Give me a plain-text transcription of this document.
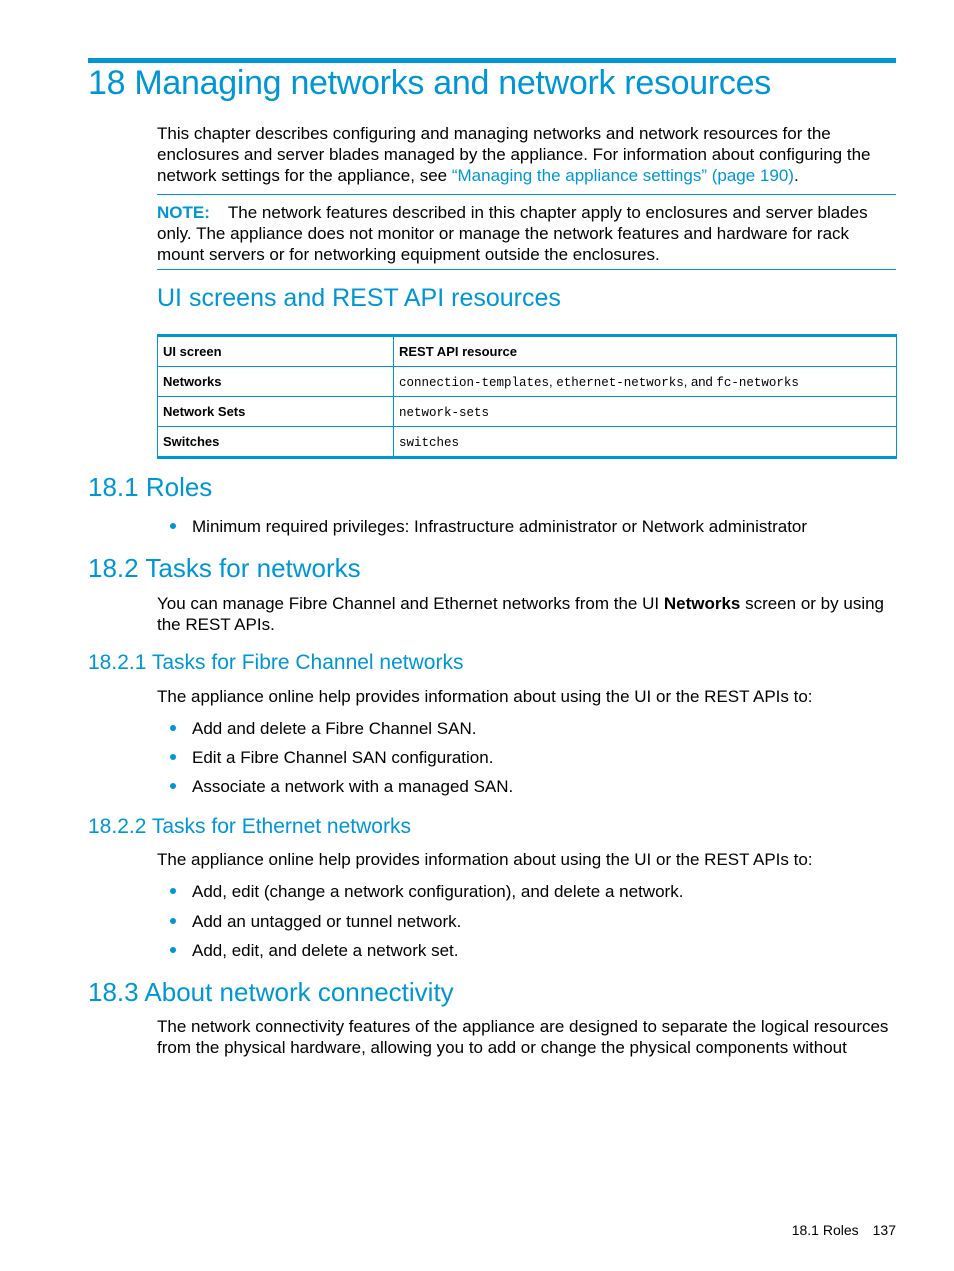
18 Managing networks and network resources

This chapter describes configuring and managing networks and network resources for the enclosures and server blades managed by the appliance. For information about configuring the network settings for the appliance, see “Managing the appliance settings” (page 190).

NOTE: The network features described in this chapter apply to enclosures and server blades only. The appliance does not monitor or manage the network features and hardware for rack mount servers or for networking equipment outside the enclosures.

UI screens and REST API resources
UI screen	REST API resource
Networks	connection-templates, ethernet-networks, and fc-networks
Network Sets	network-sets
Switches	switches
18.1 Roles
Minimum required privileges: Infrastructure administrator or Network administrator
18.2 Tasks for networks

You can manage Fibre Channel and Ethernet networks from the UI Networks screen or by using the REST APIs.

18.2.1 Tasks for Fibre Channel networks

The appliance online help provides information about using the UI or the REST APIs to:

Add and delete a Fibre Channel SAN.
Edit a Fibre Channel SAN configuration.
Associate a network with a managed SAN.
18.2.2 Tasks for Ethernet networks

The appliance online help provides information about using the UI or the REST APIs to:

Add, edit (change a network configuration), and delete a network.
Add an untagged or tunnel network.
Add, edit, and delete a network set.
18.3 About network connectivity

The network connectivity features of the appliance are designed to separate the logical resources from the physical hardware, allowing you to add or change the physical components without

18.1 Roles 137
